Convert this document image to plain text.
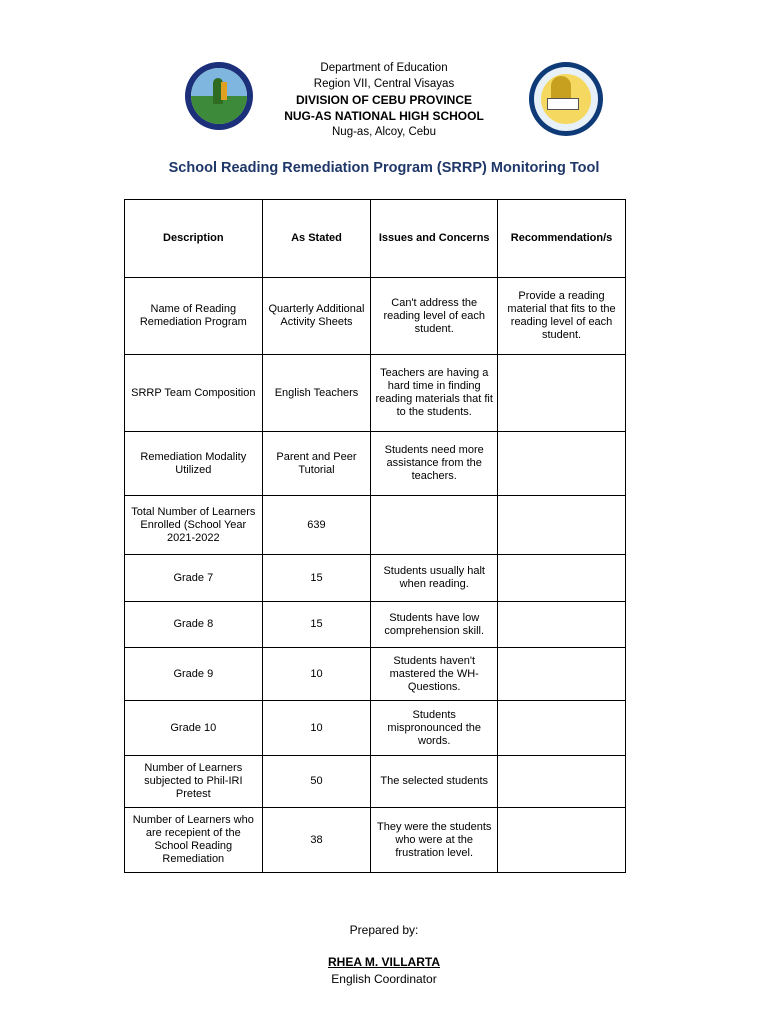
Department of Education
Region VII, Central Visayas
DIVISION OF CEBU PROVINCE
NUG-AS NATIONAL HIGH SCHOOL
Nug-as, Alcoy, Cebu
School Reading Remediation Program (SRRP) Monitoring Tool
Description	As Stated	Issues and Concerns	Recommendation/s
Name of Reading Remediation Program	Quarterly Additional Activity Sheets	Can't address the reading level of each student.	Provide a reading material that fits to the reading level of each student.
SRRP Team Composition	English Teachers	Teachers are having a hard time in finding reading materials that fit to the students.	
Remediation Modality Utilized	Parent and Peer Tutorial	Students need more assistance from the teachers.	
Total Number of Learners Enrolled (School Year 2021-2022	639		
Grade 7	15	Students usually halt when reading.	
Grade 8	15	Students have low comprehension skill.	
Grade 9	10	Students haven't mastered the WH-Questions.	
Grade 10	10	Students mispronounced the words.	
Number of Learners subjected to Phil-IRI Pretest	50	The selected students	
Number of Learners who are recepient of the School Reading Remediation	38	They were the students who were at the frustration level.	
Prepared by:
RHEA M. VILLARTA
English Coordinator
